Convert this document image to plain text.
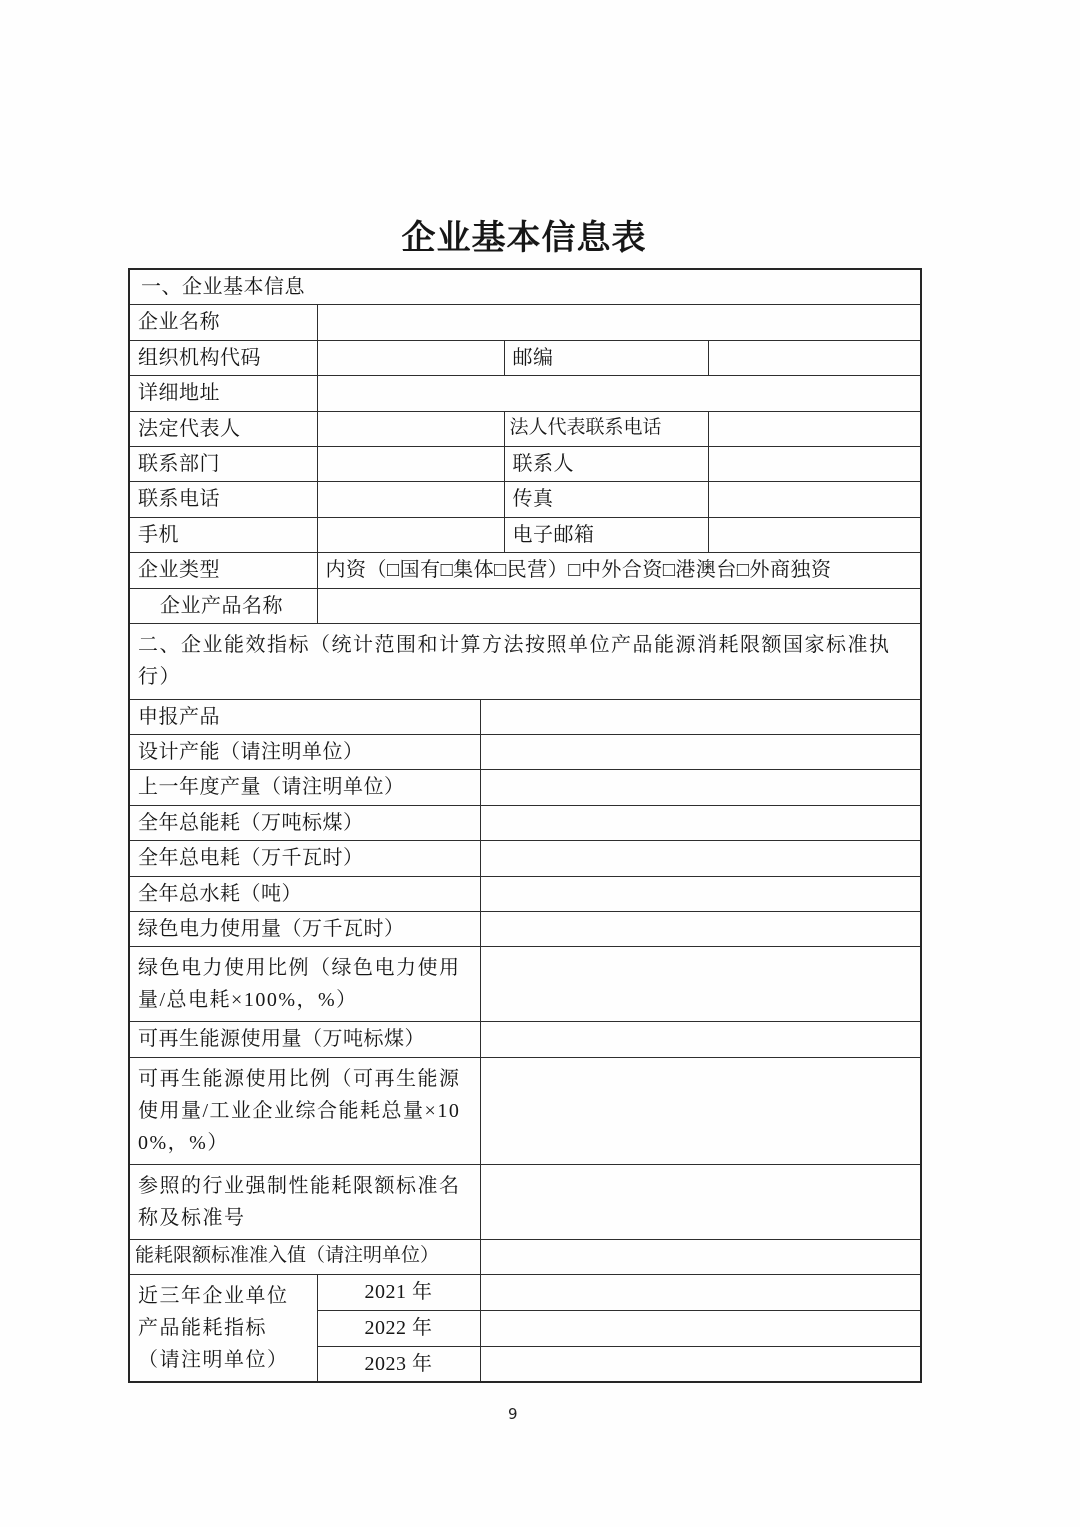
企业基本信息表
一、企业基本信息				
企业名称				
组织机构代码			邮编	
详细地址				
法定代表人			法人代表联系电话	
联系部门			联系人	
联系电话			传真	
手机			电子邮箱	
企业类型	内资（□国有□集体□民营）□中外合资□港澳台□外商独资			
企业产品名称				
二、企业能效指标（统计范围和计算方法按照单位产品能源消耗限额国家标准执行）				
申报产品				
设计产能（请注明单位）				
上一年度产量（请注明单位）				
全年总能耗（万吨标煤）				
全年总电耗（万千瓦时）				
全年总水耗（吨）				
绿色电力使用量（万千瓦时）				
绿色电力使用比例（绿色电力使用量/总电耗×100%，%）				
可再生能源使用量（万吨标煤）				
可再生能源使用比例（可再生能源使用量/工业企业综合能耗总量×100%，%）				
参照的行业强制性能耗限额标准名称及标准号				
能耗限额标准准入值（请注明单位）				
近三年企业单位产品能耗指标（请注明单位）	2021 年			
	2022 年			
	2023 年			
9
